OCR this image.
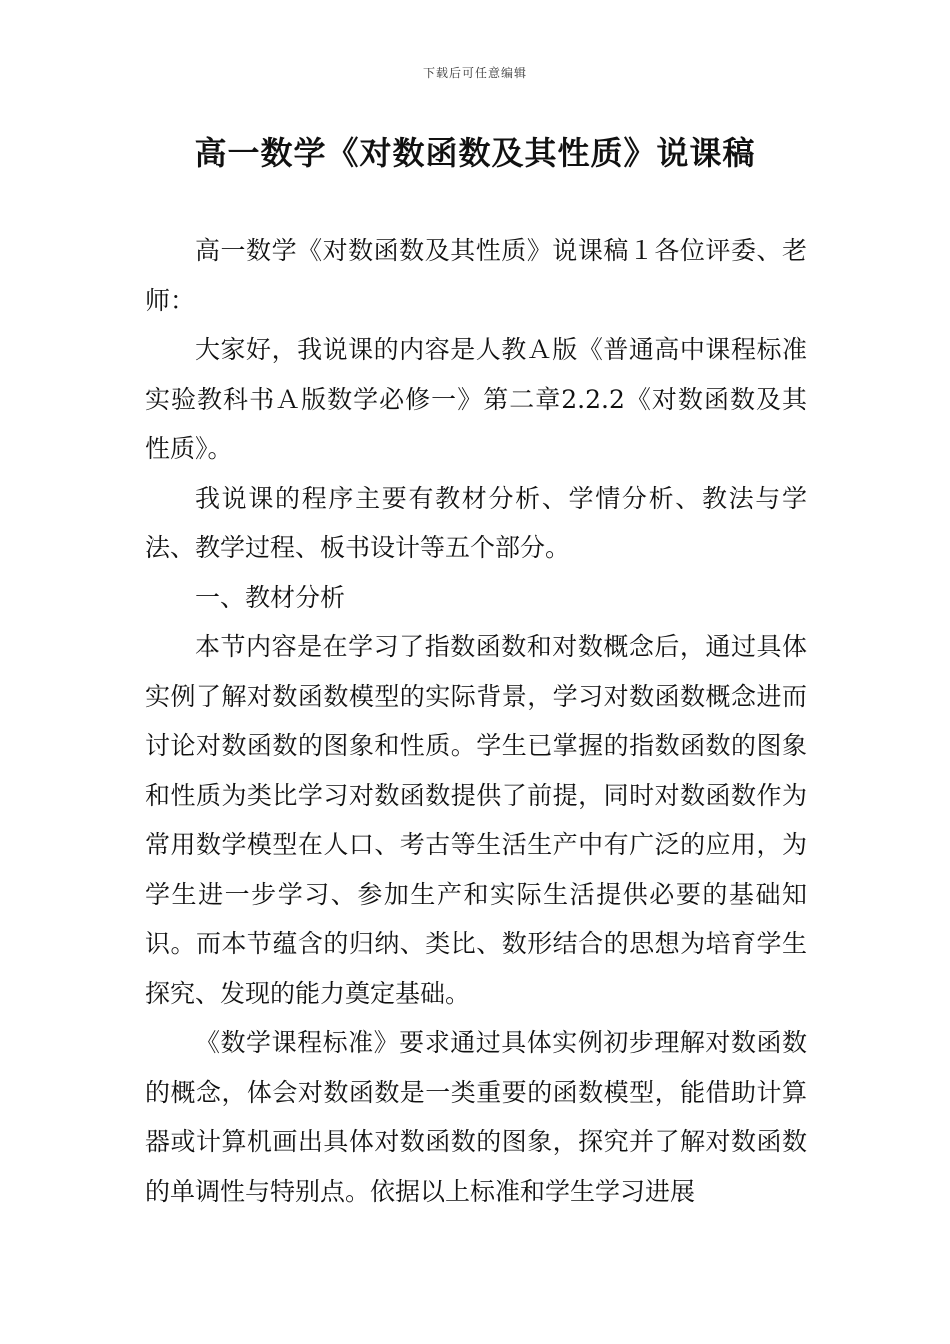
下载后可任意编辑
高一数学《对数函数及其性质》说课稿

高一数学《对数函数及其性质》说课稿１各位评委、老师：

大家好，我说课的内容是人教Ａ版《普通高中课程标准实验教科书Ａ版数学必修一》第二章2.2.2《对数函数及其性质》。

我说课的程序主要有教材分析、学情分析、教法与学法、教学过程、板书设计等五个部分。

一、教材分析

本节内容是在学习了指数函数和对数概念后，通过具体实例了解对数函数模型的实际背景，学习对数函数概念进而讨论对数函数的图象和性质。学生已掌握的指数函数的图象和性质为类比学习对数函数提供了前提，同时对数函数作为常用数学模型在人口、考古等生活生产中有广泛的应用，为学生进一步学习、参加生产和实际生活提供必要的基础知识。而本节蕴含的归纳、类比、数形结合的思想为培育学生探究、发现的能力奠定基础。

《数学课程标准》要求通过具体实例初步理解对数函数的概念，体会对数函数是一类重要的函数模型，能借助计算器或计算机画出具体对数函数的图象，探究并了解对数函数的单调性与特别点。依据以上标准和学生学习进展
